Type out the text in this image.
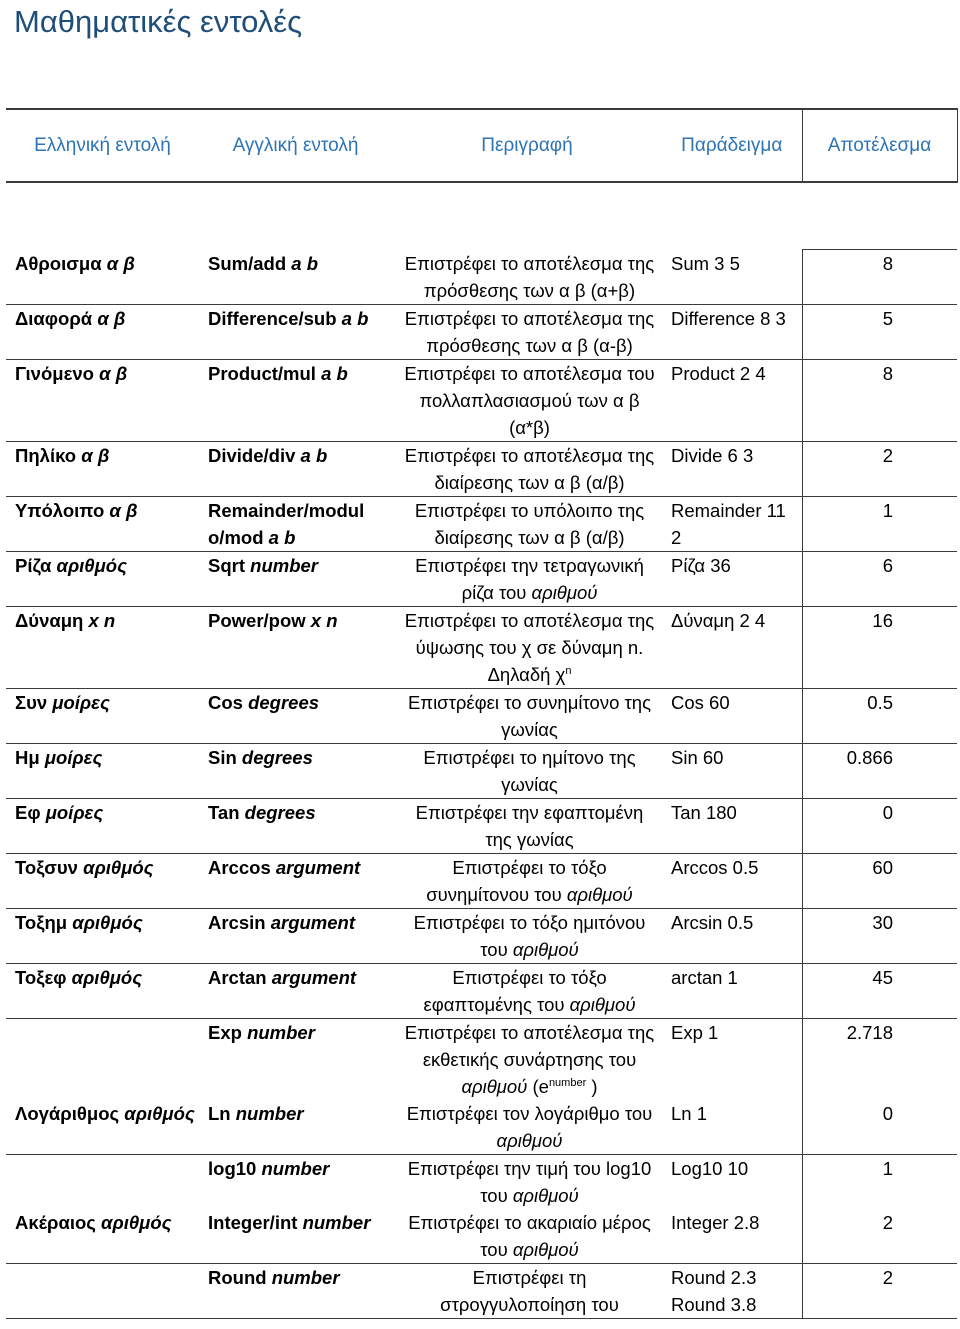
Μαθηματικές εντολές
Ελληνική εντολή	Αγγλική εντολή	Περιγραφή	Παράδειγμα	Αποτέλεσμα

Αθροισμα α β	Sum/add a b	Επιστρέφει το αποτέλεσμα της πρόσθεσης των α β (α+β)	Sum 3 5	8
Διαφορά α β	Difference/sub a b	Επιστρέφει το αποτέλεσμα της πρόσθεσης των α β (α-β)	Difference 8 3	5
Γινόμενο α β	Product/mul a b	Επιστρέφει το αποτέλεσμα του πολλαπλασιασμού των α β (α*β)	Product 2 4	8
Πηλίκο α β	Divide/div a b	Επιστρέφει το αποτέλεσμα της διαίρεσης των α β (α/β)	Divide 6 3	2
Υπόλοιπο α β	Remainder/modul o/mod a b	Επιστρέφει το υπόλοιπο της διαίρεσης των α β (α/β)	Remainder 11 2	1
Ρίζα αριθμός	Sqrt number	Επιστρέφει την τετραγωνική ρίζα του αριθμού	Ρίζα 36	6
Δύναμη x n	Power/pow x n	Επιστρέφει το αποτέλεσμα της ύψωσης του χ σε δύναμη n. Δηλαδή $\chi^n$	Δύναμη 2 4	16
Συν μοίρες	Cos degrees	Επιστρέφει το συνημίτονο της γωνίας	Cos 60	0.5
Ημ μοίρες	Sin degrees	Επιστρέφει το ημίτονο της γωνίας	Sin 60	0.866
Εφ μοίρες	Tan degrees	Επιστρέφει την εφαπτομένη της γωνίας	Tan 180	0
Τοξσυν αριθμός	Arccos argument	Επιστρέφει το τόξο συνημίτονου του αριθμού	Arccos 0.5	60
Τοξημ αριθμός	Arcsin argument	Επιστρέφει το τόξο ημιτόνου του αριθμού	Arcsin 0.5	30
Τοξεφ αριθμός	Arctan argument	Επιστρέφει το τόξο εφαπτομένης του αριθμού	arctan 1	45
	Exp number	Επιστρέφει το αποτέλεσμα της εκθετικής συνάρτησης του αριθμού ($e^{number}$ )	Exp 1	2.718
Λογάριθμος αριθμός	Ln number	Επιστρέφει τον λογάριθμο του αριθμού	Ln 1	0
	log10 number	Επιστρέφει την τιμή του log10 του αριθμού	Log10 10	1
Ακέραιος αριθμός	Integer/int number	Επιστρέφει το ακαριαίο μέρος του αριθμού	Integer 2.8	2
	Round number	Επιστρέφει τη στρογγυλοποίηση του	Round 2.3 Round 3.8	2
